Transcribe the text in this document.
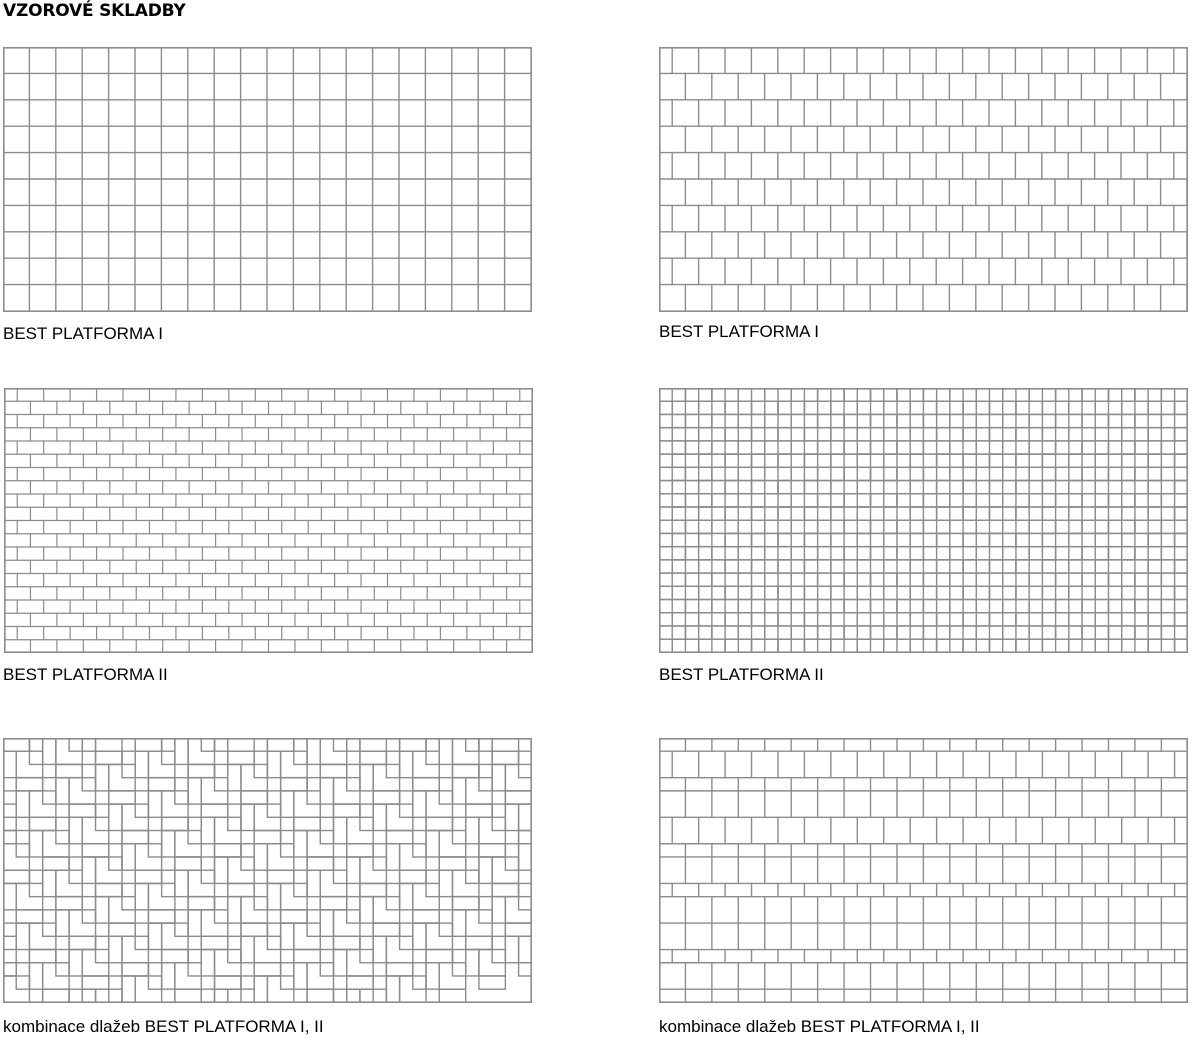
VZOROVÉ SKLADBY
BEST PLATFORMA I	BEST PLATFORMA I
BEST PLATFORMA II	BEST PLATFORMA II
kombinace dlažeb BEST PLATFORMA I, II	kombinace dlažeb BEST PLATFORMA I, II
